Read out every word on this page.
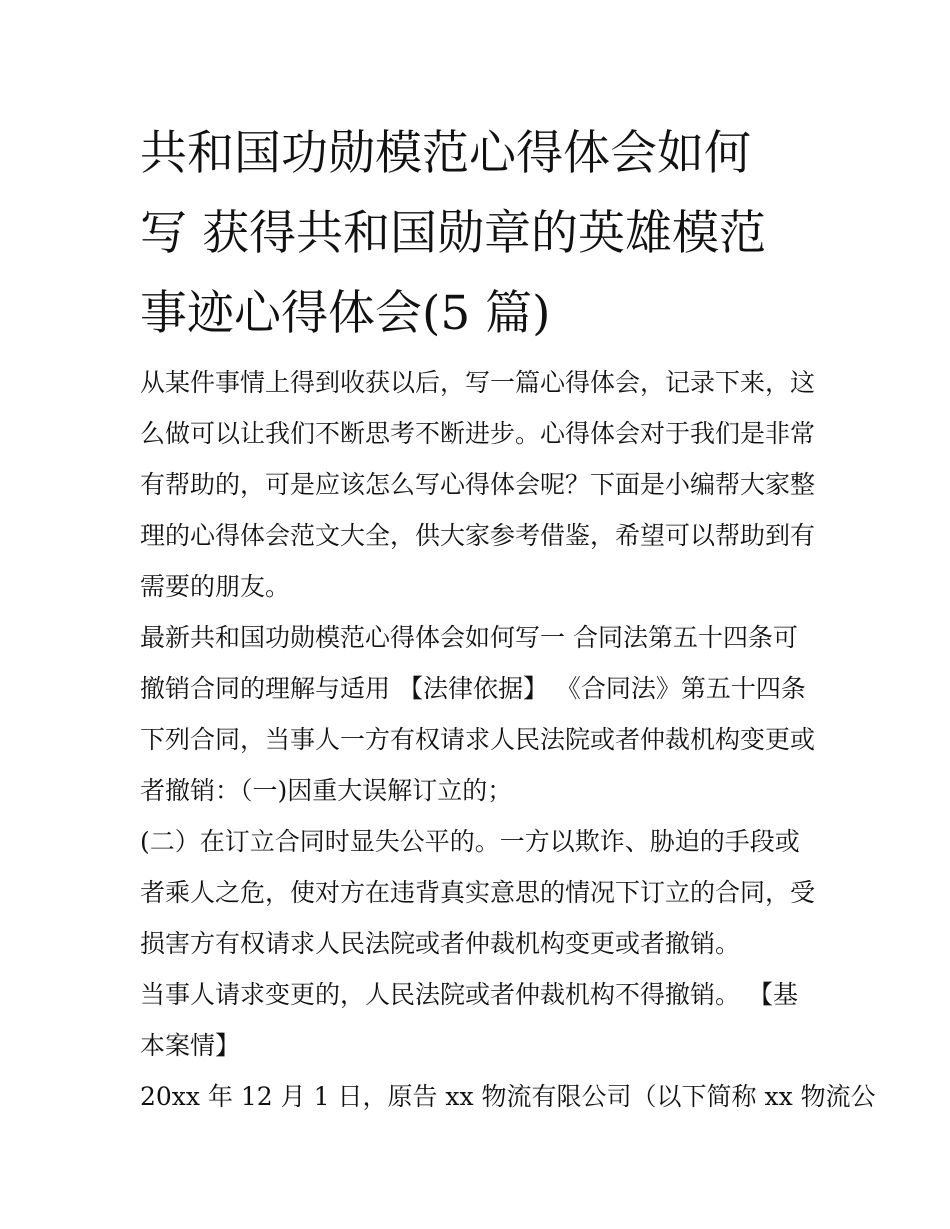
共和国功勋模范心得体会如何
写 获得共和国勋章的英雄模范
事迹心得体会(5 篇)

从某件事情上得到收获以后，写一篇心得体会，记录下来，这

么做可以让我们不断思考不断进步。心得体会对于我们是非常

有帮助的，可是应该怎么写心得体会呢？下面是小编帮大家整

理的心得体会范文大全，供大家参考借鉴，希望可以帮助到有

需要的朋友。

最新共和国功勋模范心得体会如何写一 合同法第五十四条可

撤销合同的理解与适用 【法律依据】 《合同法》第五十四条

下列合同，当事人一方有权请求人民法院或者仲裁机构变更或

者撤销：（一)因重大误解订立的；

(二）在订立合同时显失公平的。一方以欺诈、胁迫的手段或

者乘人之危，使对方在违背真实意思的情况下订立的合同，受

损害方有权请求人民法院或者仲裁机构变更或者撤销。

当事人请求变更的，人民法院或者仲裁机构不得撤销。 【基

本案情】

20xx 年 12 月 1 日，原告 xx 物流有限公司（以下简称 xx 物流公
